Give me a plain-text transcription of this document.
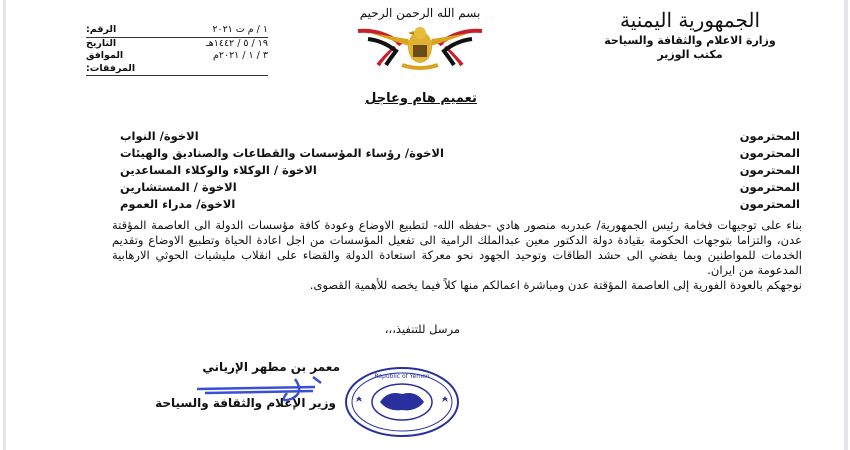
الجمهورية اليمنية
وزارة الاعلام والثقافة والسياحة
مكتب الوزير
بسم الله الرحمن الرحيم
الرقم:	١ / م ت ٢٠٢١
التاريخ	١٩ / ٥ / ١٤٤٢هـ
الموافق	٣ / ١ / ٢٠٢١م
المرفقات:
تعميم هام وعاجل
الاخوة/ النواب	المحترمون
الاخوة/ رؤساء المؤسسات والقطاعات والصناديق والهيئات	المحترمون
الاخوة / الوكلاء والوكلاء المساعدين	المحترمون
الاخوة / المستشارين	المحترمون
الاخوة/ مدراء العموم	المحترمون

بناء على توجيهات فخامة رئيس الجمهورية/ عبدربه منصور هادي -حفظه الله- لتطبيع الاوضاع وعودة كافة مؤسسات الدولة الى العاصمة المؤقتة عدن، والتزاما بتوجهات الحكومة بقيادة دولة الدكتور معين عبدالملك الرامية الى تفعيل المؤسسات من اجل اعادة الحياة وتطبيع الاوضاع وتقديم الخدمات للمواطنين وبما يفضي الى حشد الطاقات وتوحيد الجهود نحو معركة استعادة الدولة والقضاء على انقلاب مليشيات الحوثي الارهابية المدعومة من ايران.

نوجهكم بالعودة الفورية إلى العاصمة المؤقتة عدن ومباشرة اعمالكم منها كلاً فيما يخصه للأهمية القصوى.

مرسل للتنفيذ،،،
معمر بن مطهر الإرياني
وزير الإعلام والثقافة والسياحة
Republic of Yemen
